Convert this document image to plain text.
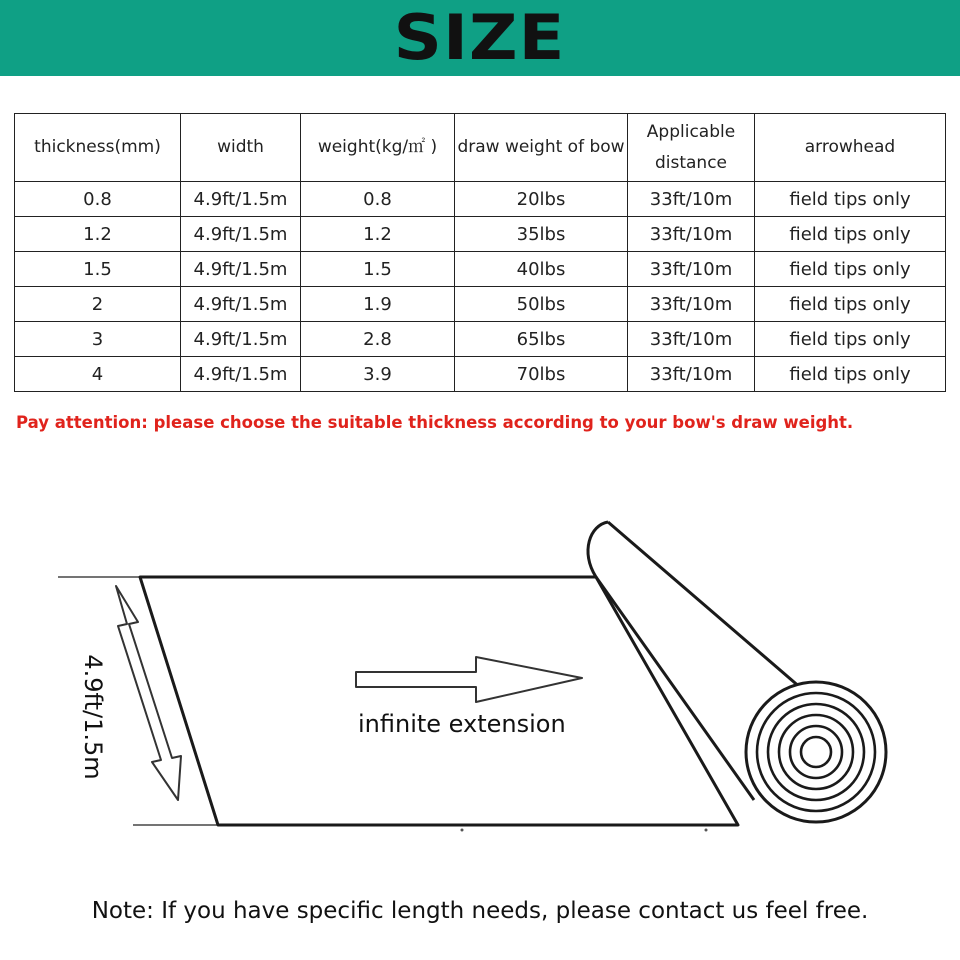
SIZE
thickness(mm)	width	weight(kg/㎡ )	draw weight of bow	Applicable distance	arrowhead
0.8	4.9ft/1.5m	0.8	20lbs	33ft/10m	field tips only
1.2	4.9ft/1.5m	1.2	35lbs	33ft/10m	field tips only
1.5	4.9ft/1.5m	1.5	40lbs	33ft/10m	field tips only
2	4.9ft/1.5m	1.9	50lbs	33ft/10m	field tips only
3	4.9ft/1.5m	2.8	65lbs	33ft/10m	field tips only
4	4.9ft/1.5m	3.9	70lbs	33ft/10m	field tips only
Pay attention: please choose the suitable thickness according to your bow's draw weight.
infinite extension
4.9ft/1.5m
Note: If you have specific length needs, please contact us feel free.
